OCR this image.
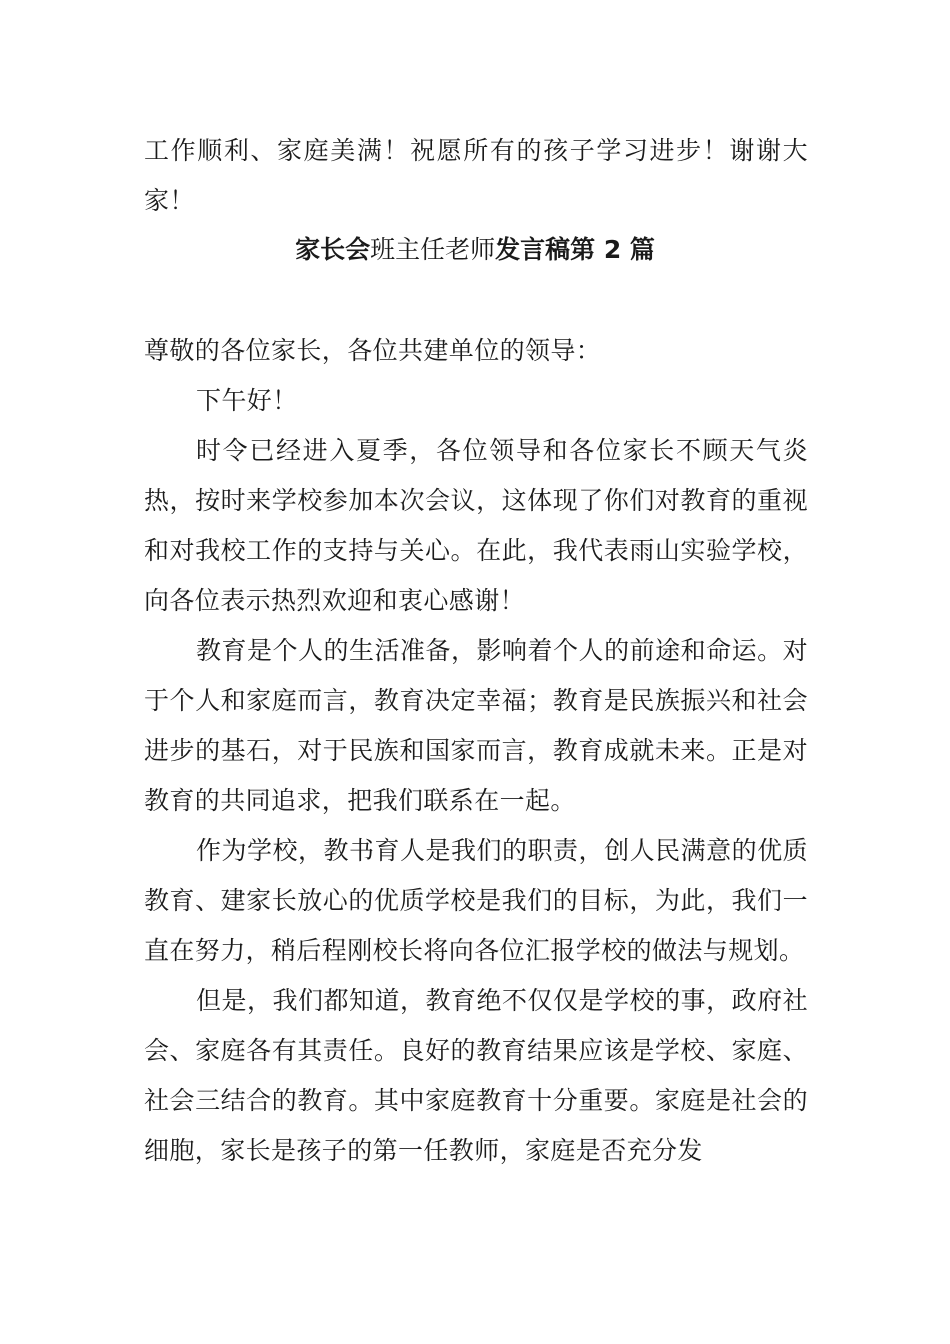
工作顺利、家庭美满！祝愿所有的孩子学习进步！谢谢大家！

家长会班主任老师发言稿第 2 篇

尊敬的各位家长，各位共建单位的领导：

下午好！

时令已经进入夏季，各位领导和各位家长不顾天气炎热，按时来学校参加本次会议，这体现了你们对教育的重视和对我校工作的支持与关心。在此，我代表雨山实验学校，向各位表示热烈欢迎和衷心感谢！

教育是个人的生活准备，影响着个人的前途和命运。对于个人和家庭而言，教育决定幸福；教育是民族振兴和社会进步的基石，对于民族和国家而言，教育成就未来。正是对教育的共同追求，把我们联系在一起。

作为学校，教书育人是我们的职责，创人民满意的优质教育、建家长放心的优质学校是我们的目标，为此，我们一直在努力，稍后程刚校长将向各位汇报学校的做法与规划。

但是，我们都知道，教育绝不仅仅是学校的事，政府社会、家庭各有其责任。良好的教育结果应该是学校、家庭、社会三结合的教育。其中家庭教育十分重要。家庭是社会的细胞，家长是孩子的第一任教师，家庭是否充分发
